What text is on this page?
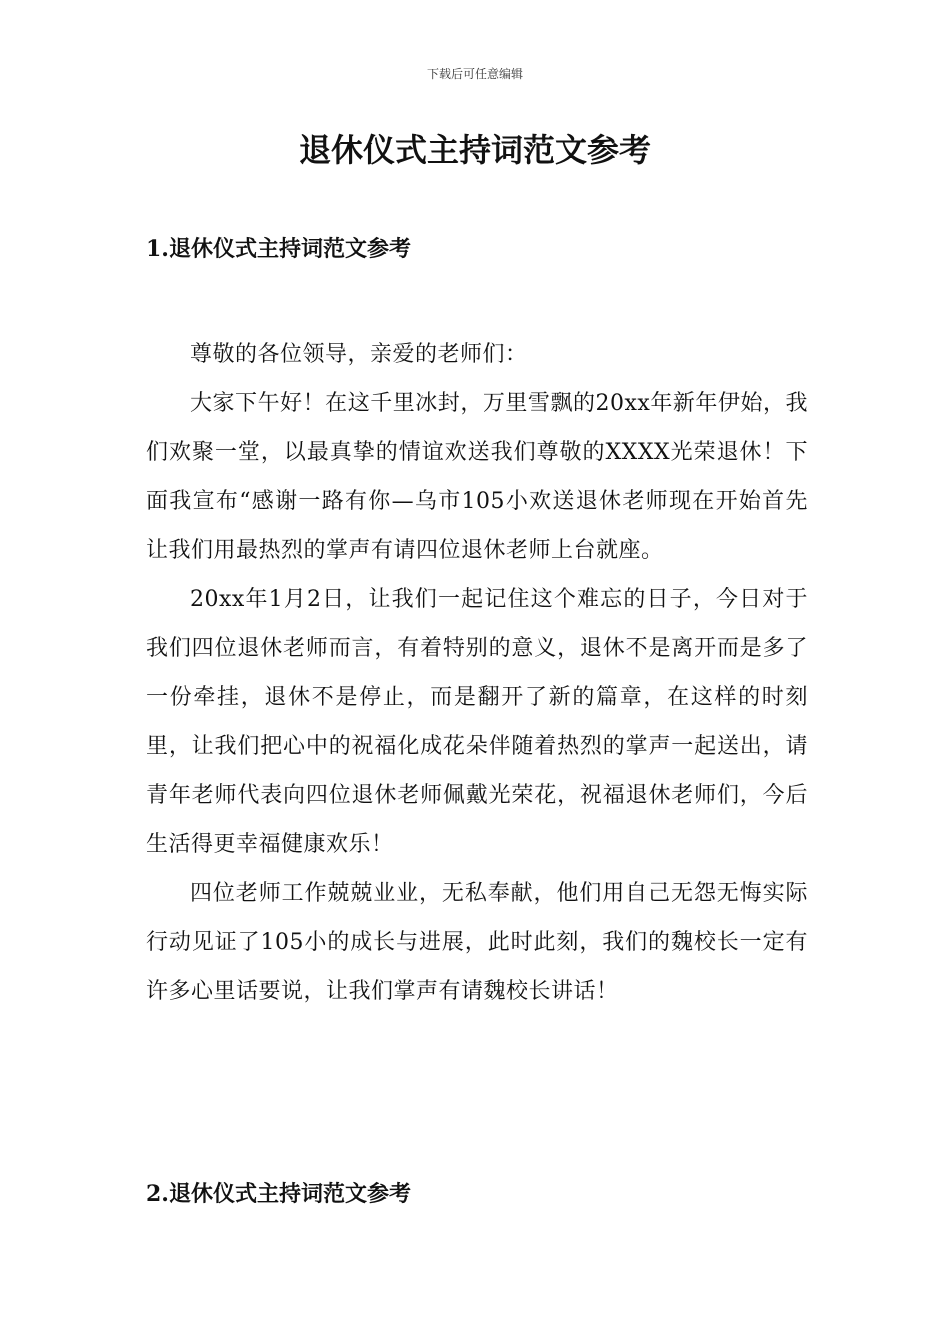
下载后可任意编辑
退休仪式主持词范文参考
1.退休仪式主持词范文参考

尊敬的各位领导，亲爱的老师们：

大家下午好！在这千里冰封，万里雪飘的20xx年新年伊始，我们欢聚一堂，以最真挚的情谊欢送我们尊敬的XXXX光荣退休！下面我宣布“感谢一路有你—乌市105小欢送退休老师现在开始首先让我们用最热烈的掌声有请四位退休老师上台就座。

20xx年1月2日，让我们一起记住这个难忘的日子，今日对于我们四位退休老师而言，有着特别的意义，退休不是离开而是多了一份牵挂，退休不是停止，而是翻开了新的篇章，在这样的时刻里，让我们把心中的祝福化成花朵伴随着热烈的掌声一起送出，请青年老师代表向四位退休老师佩戴光荣花，祝福退休老师们，今后生活得更幸福健康欢乐！

四位老师工作兢兢业业，无私奉献，他们用自己无怨无悔实际行动见证了105小的成长与进展，此时此刻，我们的魏校长一定有许多心里话要说，让我们掌声有请魏校长讲话！

2.退休仪式主持词范文参考
